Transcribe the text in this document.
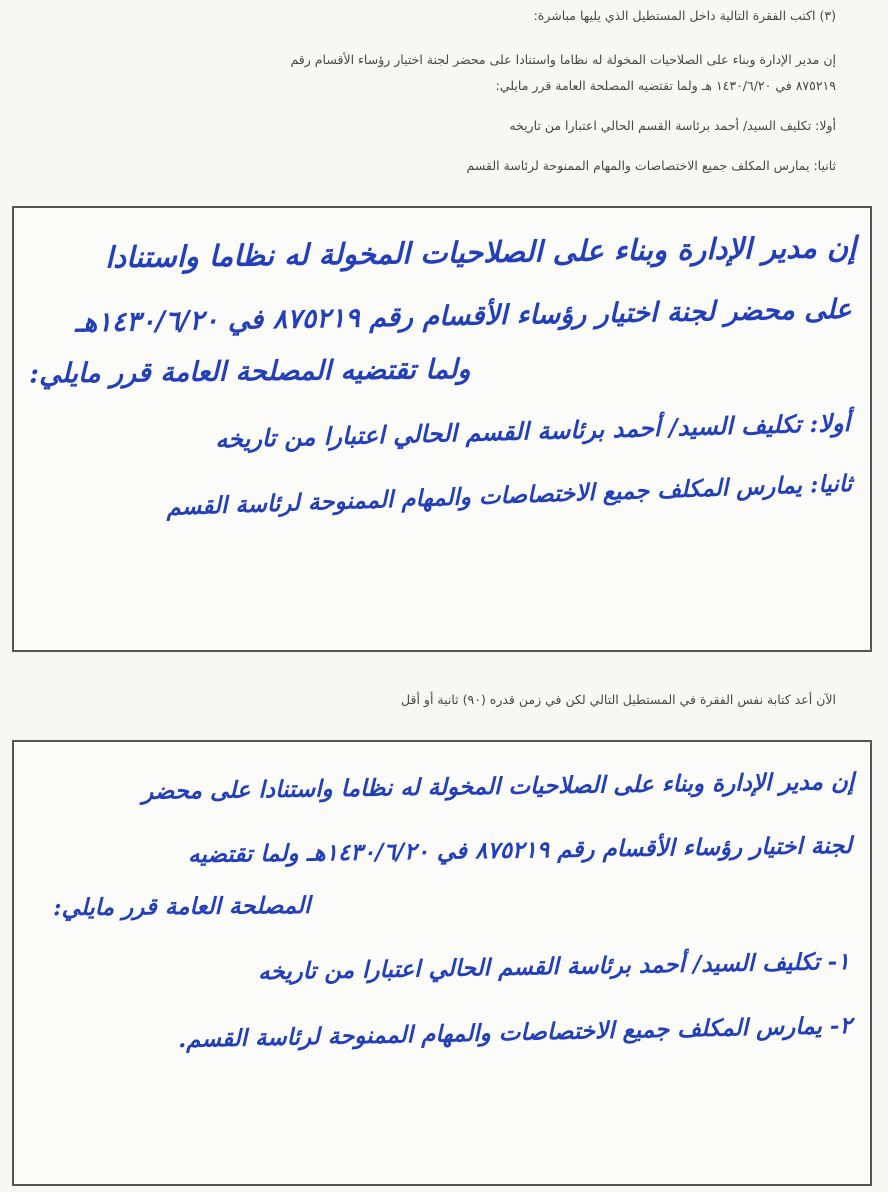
(٣) اكتب الفقرة التالية داخل المستطيل الذي يليها مباشرة:
إن مدير الإدارة وبناء على الصلاحيات المخولة له نظاما واستنادا على محضر لجنة اختيار رؤساء الأقسام رقم
٨٧٥٢١٩ في ١٤٣٠/٦/٢٠ هـ ولما تقتضيه المصلحة العامة قرر مايلي:
أولا: تكليف السيد/ أحمد برئاسة القسم الحالي اعتبارا من تاريخه
ثانيا: يمارس المكلف جميع الاختصاصات والمهام الممنوحة لرئاسة القسم
إن مدير الإدارة وبناء على الصلاحيات المخولة له نظاما واستنادا
على محضر لجنة اختيار رؤساء الأقسام رقم ٨٧٥٢١٩ في ١٤٣٠/٦/٢٠هـ
ولما تقتضيه المصلحة العامة قرر مايلي:
أولا: تكليف السيد/ أحمد برئاسة القسم الحالي اعتبارا من تاريخه
ثانيا: يمارس المكلف جميع الاختصاصات والمهام الممنوحة لرئاسة القسم
الآن أعد كتابة نفس الفقرة في المستطيل التالي لكن في زمن قدره (٩٠) ثانية أو أقل
إن مدير الإدارة وبناء على الصلاحيات المخولة له نظاما واستنادا على محضر
لجنة اختيار رؤساء الأقسام رقم ٨٧٥٢١٩ في ١٤٣٠/٦/٢٠هـ ولما تقتضيه
المصلحة العامة قرر مايلي:
١- تكليف السيد/ أحمد برئاسة القسم الحالي اعتبارا من تاريخه
٢- يمارس المكلف جميع الاختصاصات والمهام الممنوحة لرئاسة القسم.
